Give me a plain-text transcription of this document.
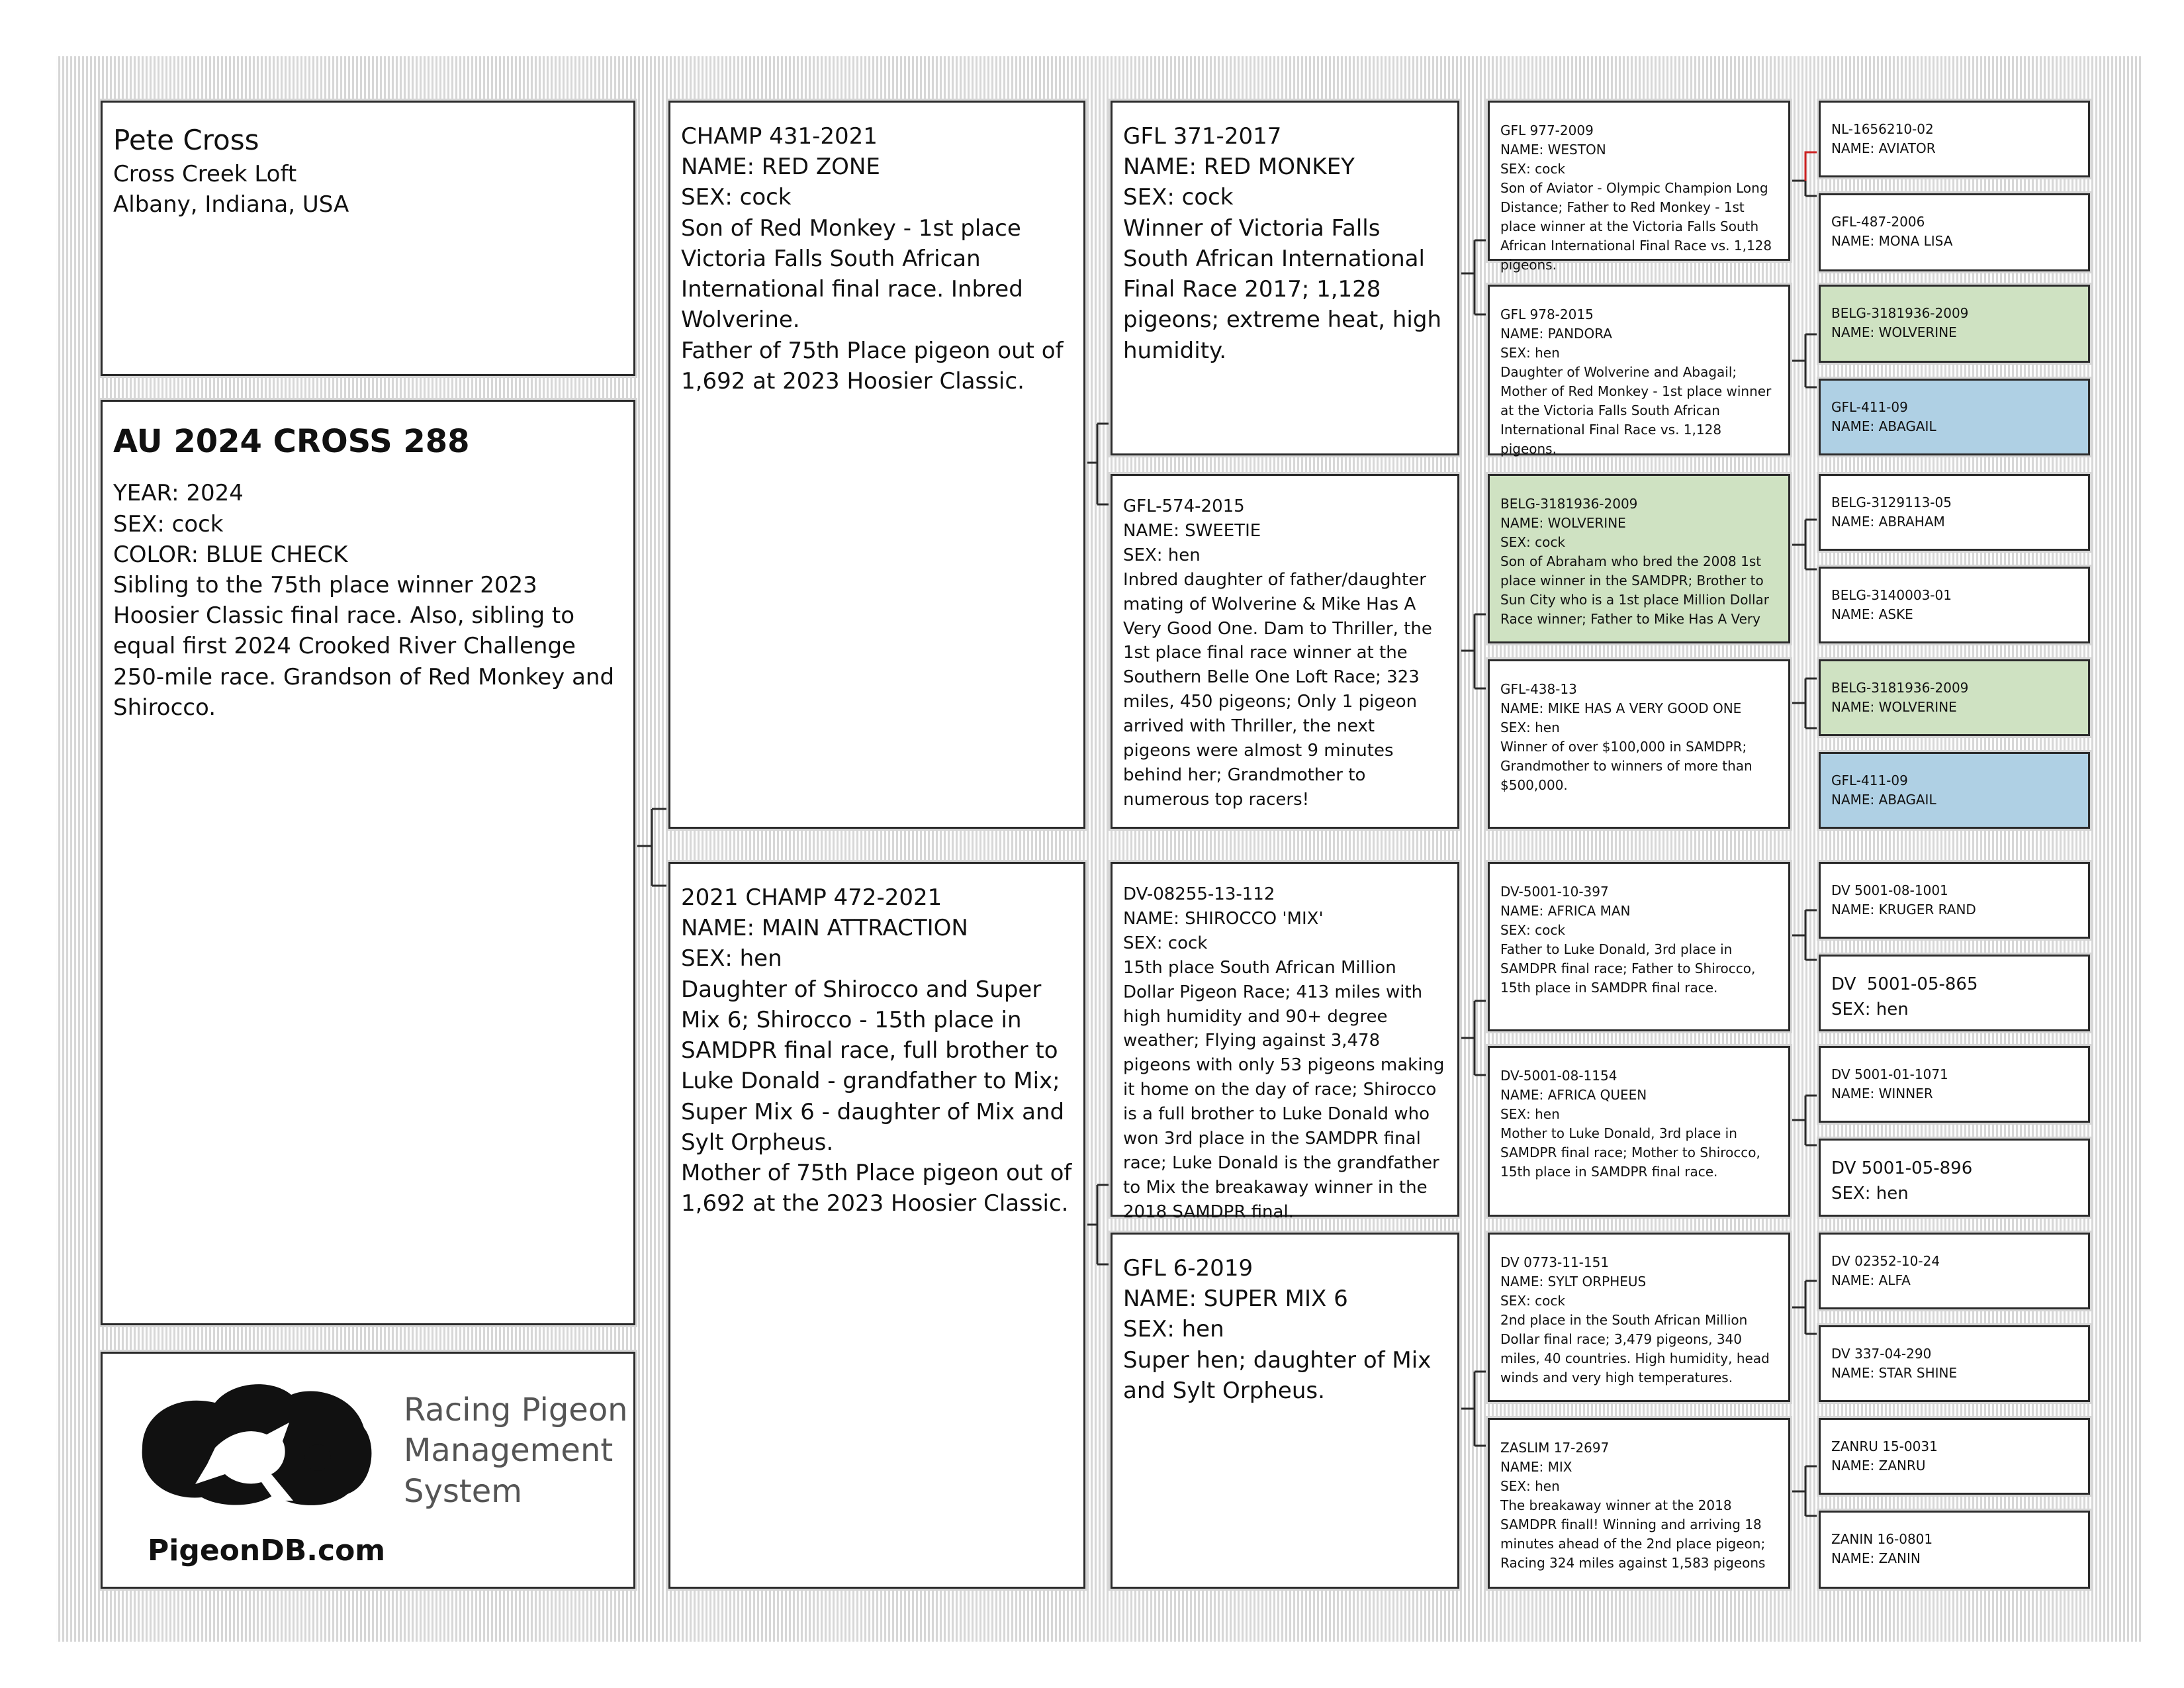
Pete Cross
Cross Creek Loft
Albany, Indiana, USA
AU 2024 CROSS 288
YEAR: 2024
SEX: cock
COLOR: BLUE CHECK
Sibling to the 75th place winner 2023 Hoosier Classic final race. Also, sibling to equal first 2024 Crooked River Challenge 250-mile race. Grandson of Red Monkey and Shirocco.
Racing Pigeon
Management
System
PigeonDB.com
CHAMP 431-2021
NAME: RED ZONE
SEX: cock
Son of Red Monkey - 1st place Victoria Falls South African International final race. Inbred Wolverine.
Father of 75th Place pigeon out of 1,692 at 2023 Hoosier Classic.
2021 CHAMP 472-2021
NAME: MAIN ATTRACTION
SEX: hen
Daughter of Shirocco and Super Mix 6; Shirocco - 15th place in SAMDPR final race, full brother to Luke Donald - grandfather to Mix; Super Mix 6 - daughter of Mix and Sylt Orpheus.
Mother of 75th Place pigeon out of 1,692 at the 2023 Hoosier Classic.
GFL 371-2017
NAME: RED MONKEY
SEX: cock
Winner of Victoria Falls South African International Final Race 2017; 1,128 pigeons; extreme heat, high humidity.
GFL-574-2015
NAME: SWEETIE
SEX: hen
Inbred daughter of father/daughter mating of Wolverine & Mike Has A Very Good One. Dam to Thriller, the 1st place final race winner at the Southern Belle One Loft Race; 323 miles, 450 pigeons; Only 1 pigeon arrived with Thriller, the next pigeons were almost 9 minutes behind her; Grandmother to numerous top racers!
DV-08255-13-112
NAME: SHIROCCO 'MIX'
SEX: cock
15th place South African Million Dollar Pigeon Race; 413 miles with high humidity and 90+ degree weather; Flying against 3,478 pigeons with only 53 pigeons making it home on the day of race; Shirocco is a full brother to Luke Donald who won 3rd place in the SAMDPR final race; Luke Donald is the grandfather to Mix the breakaway winner in the 2018 SAMDPR final.
GFL 6-2019
NAME: SUPER MIX 6
SEX: hen
Super hen; daughter of Mix and Sylt Orpheus.
GFL 977-2009
NAME: WESTON
SEX: cock
Son of Aviator - Olympic Champion Long Distance; Father to Red Monkey - 1st place winner at the Victoria Falls South African International Final Race vs. 1,128 pigeons.
GFL 978-2015
NAME: PANDORA
SEX: hen
Daughter of Wolverine and Abagail; Mother of Red Monkey - 1st place winner at the Victoria Falls South African International Final Race vs. 1,128 pigeons.
BELG-3181936-2009
NAME: WOLVERINE
SEX: cock
Son of Abraham who bred the 2008 1st place winner in the SAMDPR; Brother to Sun City who is a 1st place Million Dollar Race winner; Father to Mike Has A Very
GFL-438-13
NAME: MIKE HAS A VERY GOOD ONE
SEX: hen
Winner of over $100,000 in SAMDPR; Grandmother to winners of more than $500,000.
DV-5001-10-397
NAME: AFRICA MAN
SEX: cock
Father to Luke Donald, 3rd place in SAMDPR final race; Father to Shirocco, 15th place in SAMDPR final race.
DV-5001-08-1154
NAME: AFRICA QUEEN
SEX: hen
Mother to Luke Donald, 3rd place in SAMDPR final race; Mother to Shirocco, 15th place in SAMDPR final race.
DV 0773-11-151
NAME: SYLT ORPHEUS
SEX: cock
2nd place in the South African Million Dollar final race; 3,479 pigeons, 340 miles, 40 countries. High humidity, head winds and very high temperatures.
ZASLIM 17-2697
NAME: MIX
SEX: hen
The breakaway winner at the 2018 SAMDPR finall! Winning and arriving 18 minutes ahead of the 2nd place pigeon; Racing 324 miles against 1,583 pigeons
NL-1656210-02
NAME: AVIATOR
GFL-487-2006
NAME: MONA LISA
BELG-3181936-2009
NAME: WOLVERINE
GFL-411-09
NAME: ABAGAIL
BELG-3129113-05
NAME: ABRAHAM
BELG-3140003-01
NAME: ASKE
BELG-3181936-2009
NAME: WOLVERINE
GFL-411-09
NAME: ABAGAIL
DV 5001-08-1001
NAME: KRUGER RAND
DV  5001-05-865
SEX: hen
DV 5001-01-1071
NAME: WINNER
DV 5001-05-896
SEX: hen
DV 02352-10-24
NAME: ALFA
DV 337-04-290
NAME: STAR SHINE
ZANRU 15-0031
NAME: ZANRU
ZANIN 16-0801
NAME: ZANIN
